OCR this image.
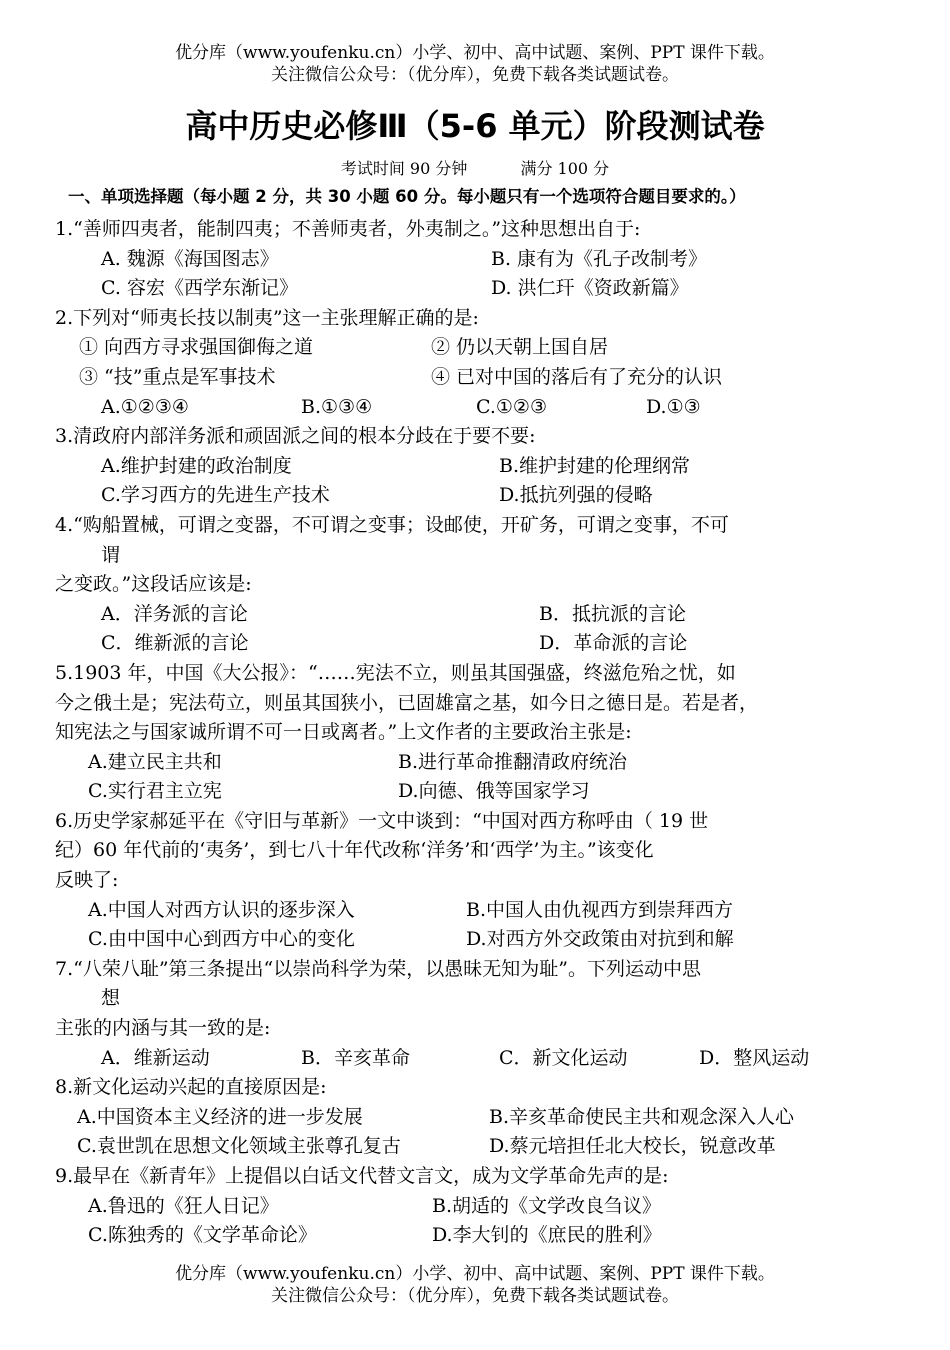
优分库（www.youfenku.cn）小学、初中、高中试题、案例、PPT 课件下载。
关注微信公众号：（优分库），免费下载各类试题试卷。
高中历史必修Ⅲ（5-6 单元）阶段测试卷
考试时间 90 分钟	满分 100 分
一、单项选择题（每小题 2 分，共 30 小题 60 分。每小题只有一个选项符合题目要求的。）
1.“善师四夷者，能制四夷；不善师夷者，外夷制之。”这种思想出自于:
A. 魏源《海国图志》	B. 康有为《孔子改制考》
C. 容宏《西学东渐记》	D. 洪仁玕《资政新篇》
2.下列对“师夷长技以制夷”这一主张理解正确的是:
① 向西方寻求强国御侮之道	② 仍以天朝上国自居
③ “技”重点是军事技术	④ 已对中国的落后有了充分的认识
A.①②③④	B.①③④	C.①②③	D.①③
3.清政府内部洋务派和顽固派之间的根本分歧在于要不要:
A.维护封建的政治制度	B.维护封建的伦理纲常
C.学习西方的先进生产技术	D.抵抗列强的侵略
4.“购船置械，可谓之变器，不可谓之变事；设邮使，开矿务，可谓之变事，不可
谓
之变政。”这段话应该是:
A．洋务派的言论	B．抵抗派的言论
C．维新派的言论	D．革命派的言论
5.1903 年，中国《大公报》：“……宪法不立，则虽其国强盛，终滋危殆之忧，如
今之俄土是；宪法苟立，则虽其国狭小，已固雄富之基，如今日之德日是。若是者，
知宪法之与国家诚所谓不可一日或离者。”上文作者的主要政治主张是:
A.建立民主共和	B.进行革命推翻清政府统治
C.实行君主立宪	D.向德、俄等国家学习
6.历史学家郝延平在《守旧与革新》一文中谈到：“中国对西方称呼由（ 19 世
纪）60 年代前的‘夷务’，到七八十年代改称‘洋务’和‘西学’为主。”该变化
反映了:
A.中国人对西方认识的逐步深入	B.中国人由仇视西方到崇拜西方
C.由中国中心到西方中心的变化	D.对西方外交政策由对抗到和解
7.“八荣八耻”第三条提出“以崇尚科学为荣，以愚昧无知为耻”。下列运动中思
想
主张的内涵与其一致的是:
A．维新运动	B．辛亥革命	C．新文化运动	D．整风运动
8.新文化运动兴起的直接原因是:
A.中国资本主义经济的进一步发展	B.辛亥革命使民主共和观念深入人心
C.袁世凯在思想文化领域主张尊孔复古	D.蔡元培担任北大校长，锐意改革
9.最早在《新青年》上提倡以白话文代替文言文，成为文学革命先声的是:
A.鲁迅的《狂人日记》	B.胡适的《文学改良刍议》
C.陈独秀的《文学革命论》	D.李大钊的《庶民的胜利》
优分库（www.youfenku.cn）小学、初中、高中试题、案例、PPT 课件下载。
关注微信公众号：（优分库），免费下载各类试题试卷。
